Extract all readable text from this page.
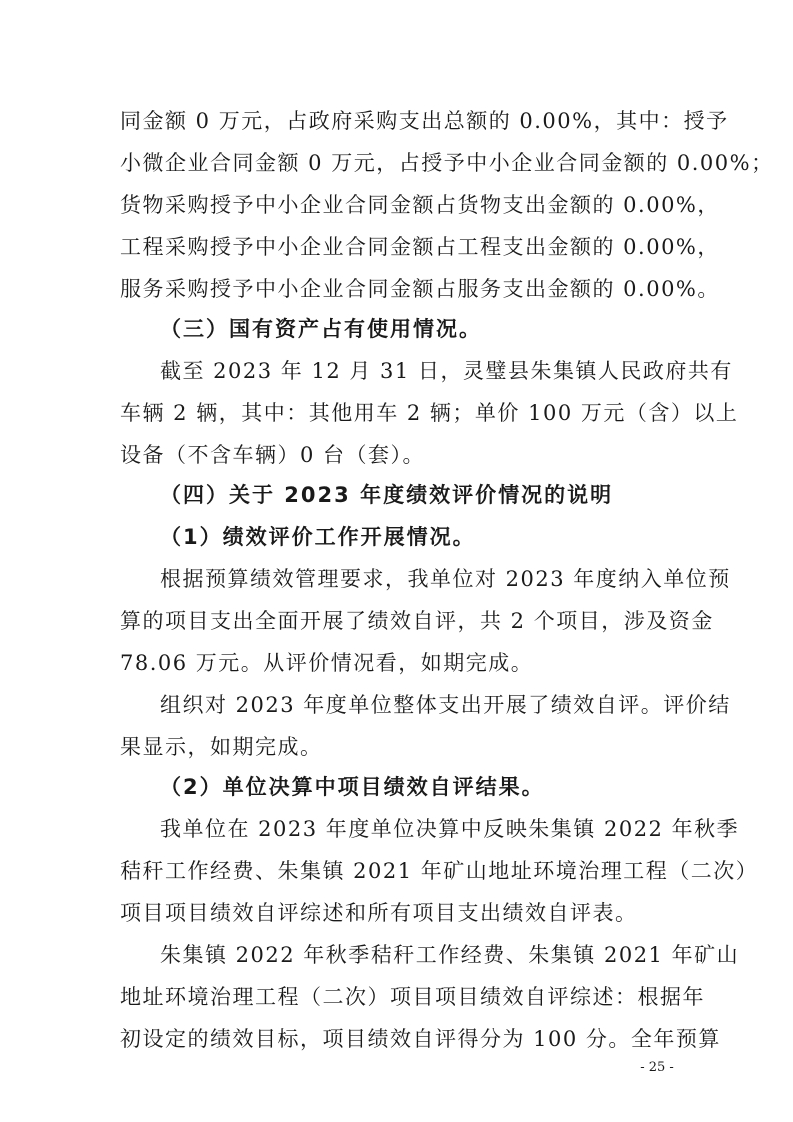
同金额 0 万元，占政府采购支出总额的 0.00%，其中：授予
小微企业合同金额 0 万元，占授予中小企业合同金额的 0.00%；
货物采购授予中小企业合同金额占货物支出金额的 0.00%，
工程采购授予中小企业合同金额占工程支出金额的 0.00%，
服务采购授予中小企业合同金额占服务支出金额的 0.00%。
（三）国有资产占有使用情况。
截至 2023 年 12 月 31 日，灵璧县朱集镇人民政府共有
车辆 2 辆，其中：其他用车 2 辆；单价 100 万元（含）以上
设备（不含车辆）0 台（套）。
（四）关于 2023 年度绩效评价情况的说明
（1）绩效评价工作开展情况。
根据预算绩效管理要求，我单位对 2023 年度纳入单位预
算的项目支出全面开展了绩效自评，共 2 个项目，涉及资金
78.06 万元。从评价情况看，如期完成。
组织对 2023 年度单位整体支出开展了绩效自评。评价结
果显示，如期完成。
（2）单位决算中项目绩效自评结果。
我单位在 2023 年度单位决算中反映朱集镇 2022 年秋季
秸秆工作经费、朱集镇 2021 年矿山地址环境治理工程（二次）
项目项目绩效自评综述和所有项目支出绩效自评表。
朱集镇 2022 年秋季秸秆工作经费、朱集镇 2021 年矿山
地址环境治理工程（二次）项目项目绩效自评综述：根据年
初设定的绩效目标，项目绩效自评得分为 100 分。全年预算
- 25 -
